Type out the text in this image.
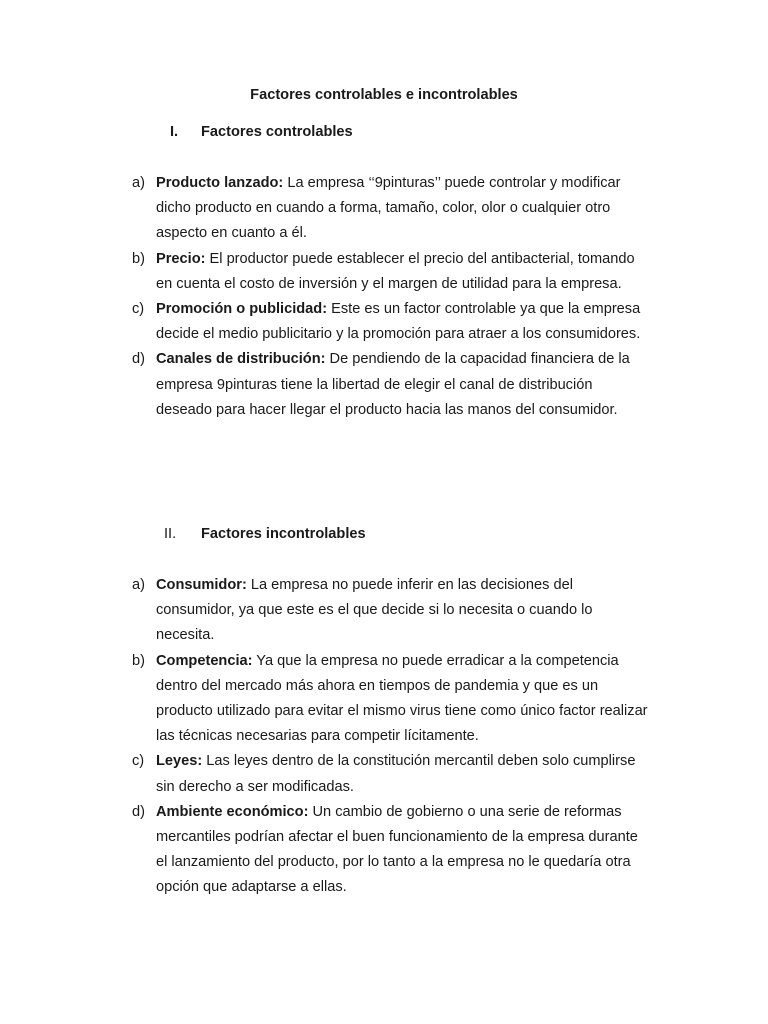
Factores controlables e incontrolables
I. Factores controlables
a) Producto lanzado: La empresa ‘‘9pinturas’’ puede controlar y modificar dicho producto en cuando a forma, tamaño, color, olor o cualquier otro aspecto en cuanto a él.
b) Precio: El productor puede establecer el precio del antibacterial, tomando en cuenta el costo de inversión y el margen de utilidad para la empresa.
c) Promoción o publicidad: Este es un factor controlable ya que la empresa decide el medio publicitario y la promoción para atraer a los consumidores.
d) Canales de distribución: De pendiendo de la capacidad financiera de la empresa 9pinturas tiene la libertad de elegir el canal de distribución deseado para hacer llegar el producto hacia las manos del consumidor.
II. Factores incontrolables
a) Consumidor: La empresa no puede inferir en las decisiones del consumidor, ya que este es el que decide si lo necesita o cuando lo necesita.
b) Competencia: Ya que la empresa no puede erradicar a la competencia dentro del mercado más ahora en tiempos de pandemia y que es un producto utilizado para evitar el mismo virus tiene como único factor realizar las técnicas necesarias para competir lícitamente.
c) Leyes: Las leyes dentro de la constitución mercantil deben solo cumplirse sin derecho a ser modificadas.
d) Ambiente económico: Un cambio de gobierno o una serie de reformas mercantiles podrían afectar el buen funcionamiento de la empresa durante el lanzamiento del producto, por lo tanto a la empresa no le quedaría otra opción que adaptarse a ellas.
